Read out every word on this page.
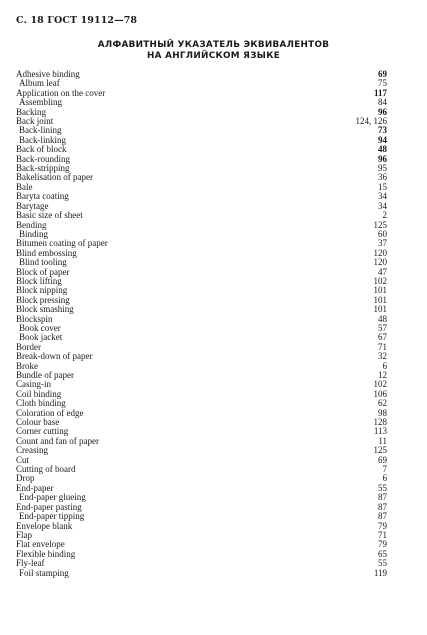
С. 18 ГОСТ 19112—78
АЛФАВИТНЫЙ УКАЗАТЕЛЬ ЭКВИВАЛЕНТОВ
НА АНГЛИЙСКОМ ЯЗЫКЕ
Adhesive binding	69
Album leaf	75
Application on the cover	117
Assembling	84
Backing	96
Back joint	124, 126
Back-lining	73
Back-linking	94
Back of block	48
Back-rounding	96
Back-stripping	95
Bakelisation of paper	36
Bale	15
Baryta coating	34
Barytage	34
Basic size of sheet	2
Bending	125
Binding	60
Bitumen coating of paper	37
Blind embossing	120
Blind tooling	120
Block of paper	47
Block lifting	102
Block nipping	101
Block pressing	101
Block smashing	101
Blockspin	48
Book cover	57
Book jacket	67
Border	71
Break-down of paper	32
Broke	6
Bundle of paper	12
Casing-in	102
Coil binding	106
Cloth binding	62
Coloration of edge	98
Colour base	128
Corner cutting	113
Count and fan of paper	11
Creasing	125
Cut	69
Cutting of board	7
Drop	6
End-paper	55
End-paper glueing	87
End-paper pasting	87
End-paper tipping	87
Envelope blank	79
Flap	71
Flat envelope	79
Flexible binding	65
Fly-leaf	55
Foil stamping	119
